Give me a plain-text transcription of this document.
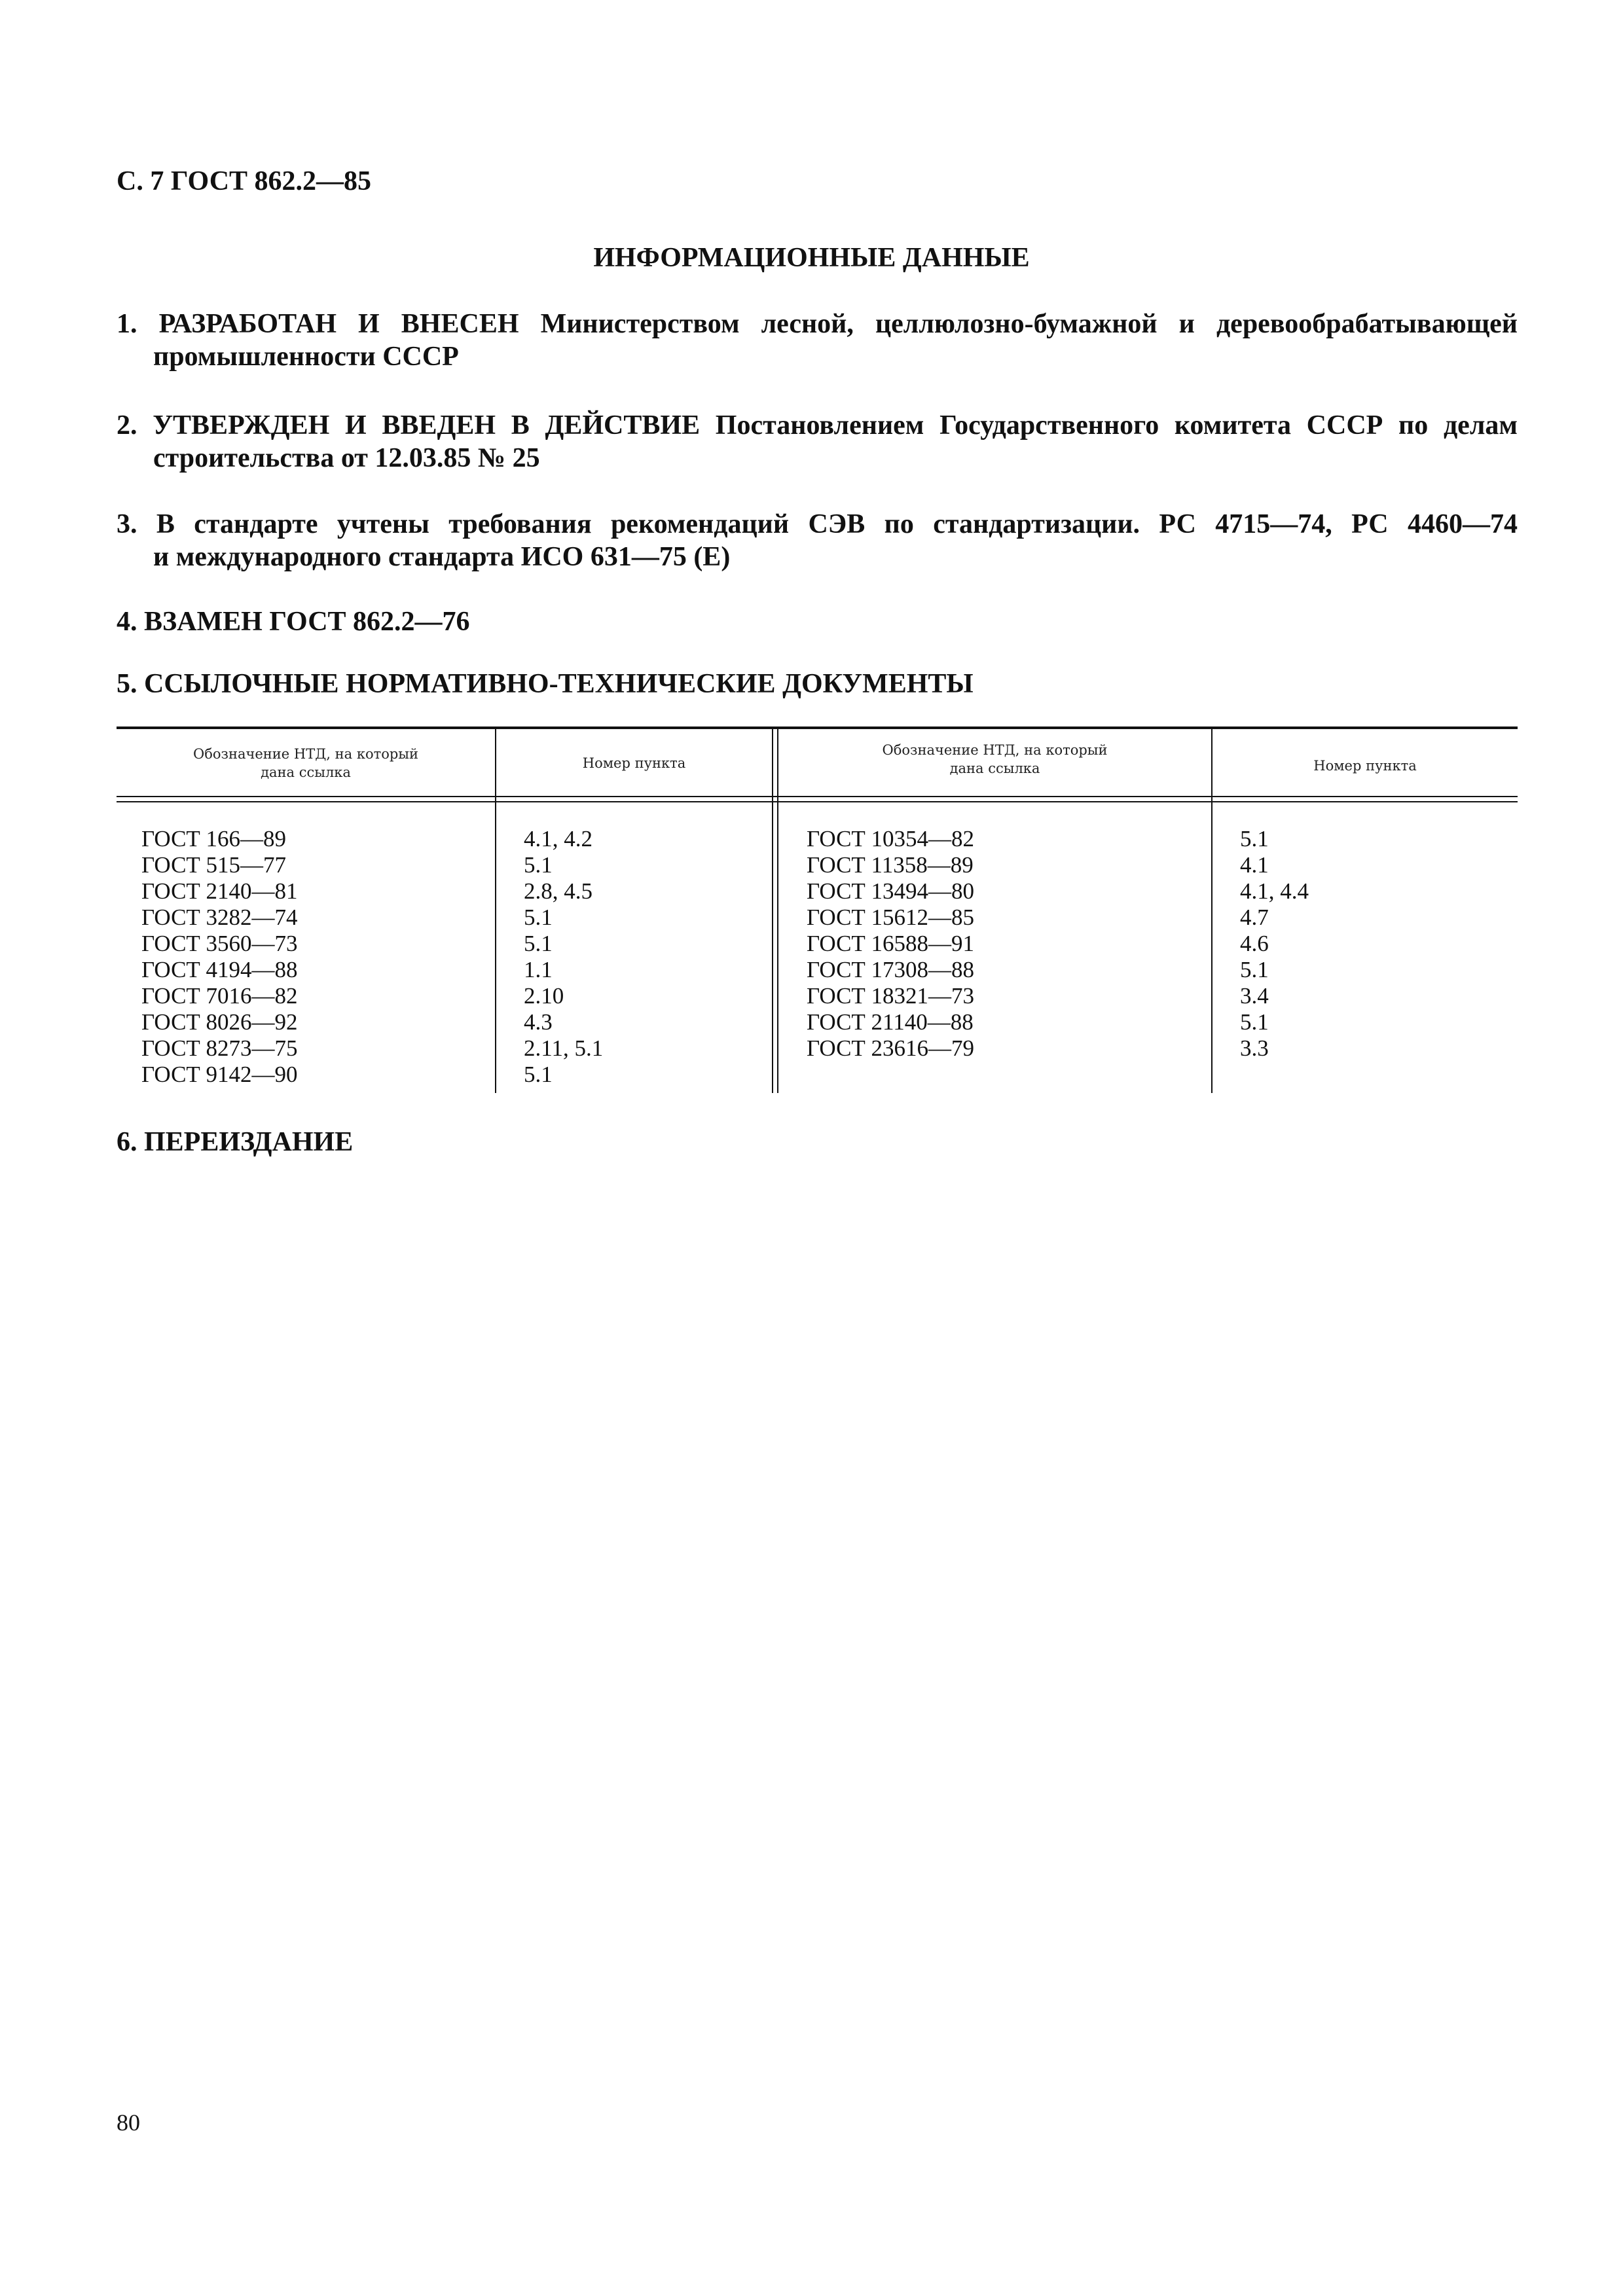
С. 7 ГОСТ 862.2—85
ИНФОРМАЦИОННЫЕ ДАННЫЕ
1. РАЗРАБОТАН И ВНЕСЕН Министерством лесной, целлюлозно-бумажной и деревообрабатывающей
промышленности СССР
2. УТВЕРЖДЕН И ВВЕДЕН В ДЕЙСТВИЕ Постановлением Государственного комитета СССР по делам
строительства от 12.03.85 № 25
3. В стандарте учтены требования рекомендаций СЭВ по стандартизации. РС 4715—74, РС 4460—74
и международного стандарта ИСО 631—75 (Е)
4. ВЗАМЕН ГОСТ 862.2—76
5. ССЫЛОЧНЫЕ НОРМАТИВНО-ТЕХНИЧЕСКИЕ ДОКУМЕНТЫ
Обозначение НТД, на который
дана ссылка
Номер пункта
Обозначение НТД, на который
дана ссылка	Номер пункта
ГОСТ 166—89
ГОСТ 515—77
ГОСТ 2140—81
ГОСТ 3282—74
ГОСТ 3560—73
ГОСТ 4194—88
ГОСТ 7016—82
ГОСТ 8026—92
ГОСТ 8273—75
ГОСТ 9142—90
4.1, 4.2
5.1
2.8, 4.5
5.1
5.1
1.1
2.10
4.3
2.11, 5.1
5.1
ГОСТ 10354—82
ГОСТ 11358—89
ГОСТ 13494—80
ГОСТ 15612—85
ГОСТ 16588—91
ГОСТ 17308—88
ГОСТ 18321—73
ГОСТ 21140—88
ГОСТ 23616—79
5.1
4.1
4.1, 4.4
4.7
4.6
5.1
3.4
5.1
3.3
6. ПЕРЕИЗДАНИЕ
80
